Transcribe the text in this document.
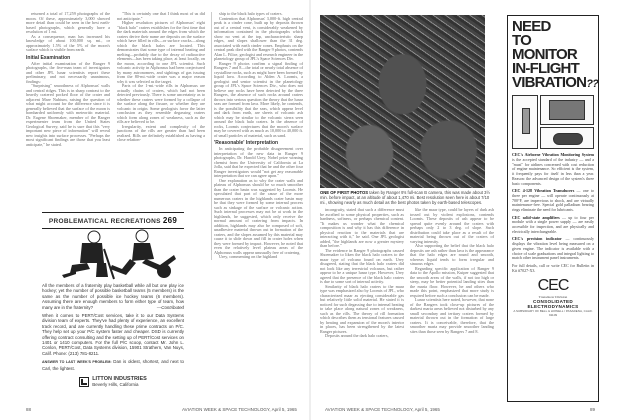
returned a total of 17,259 photographs of the moon. Of these, approximately 3,000 showed more detail than could be seen in the best earth-based photographs, which generally have a resolution of 1 mi.

As a consequence, man has increased his knowledge of about 100,000 sq. mi., or approximately 1.5% of the 5% of the moon's surface which is visible from earth.

Initial Examination

After initial examination of the Ranger 9 photographs, the five-man team of investigators and other JPL lunar scientists report these preliminary, and not necessarily unanimous, findings:

"Surprising" smoothness of Alphonsus' walls and central ridges. This is in sharp contrast to the heavily cratered pocked floor of the crater and adjacent Mare Nubium, raising the question of what might account for the difference since it is generally believed that the surface of the moon is bombarded uniformly with meteoritic material. Dr. Eugene Shoemaker, member of the Ranger experimenter team from the United States Geological Survey, said he is sure that this "very important new piece of information" will reveal new insights into surface processes. "Perhaps the most significant findings are those that you least anticipate," he stated.

"This is certainly one that I think most of us did not anticipate."

Higher resolution pictures of Alphonsus' eight "black halo" craters establishes for the first time that the dark materials around the edges from which the craters derive their name are deposits on the surface which have filled in rills—or surface cracks—along which the black halos are located. This demonstrates that some type of internal heating and melting—probably due to the decay of radioactive elements—has been taking place, at least locally, on the moon, according to one JPL scientist. Such volcanic activity in Alphonsus had been conjectured by many astronomers, and sightings of gas issuing from the 80-mi.-wide crater was a major reason why it was selected as the target.

Parts of the 1-mi.-wide rills in Alphonsus are actually chains of craters, which had not been detected previously. There is some uncertainty as to whether these craters were formed by a collapse of the surface along the fissure, or whether they are volcanic in origin. Some geologists favor the latter conclusion as they resemble degassing craters which form along zones of weakness, such as the rills are believed to be.

Irregularity, extent and complexity of the junctions of the rills are greater than had been realized. Rills are definitely established as having a close relation-

ship to the black halo types of craters.

Contention that Alphonsus' 3,000-ft. high central peak is a cinder cone, built up by deposits thrown out of a central vent, is considerably weakened by information contained in the photographs which show no vent at the top, uncharacteristic sharp edges, and slopes shallower than the 31 deg. associated with earth cinder cones. Emphasis on the central peak died with the Ranger 9 photos, contends Alan L. Filice, geologist and research engineer in the planetology group of JPL's Space Sciences Div.

Ranger 9 photos confirm a signal finding of Rangers 7 and 8—the total or nearly total absence of crystalline rocks, such as might have been formed by liquid lava. According to Alden A. Loomis, a geologist and senior scientist in the planetology group of JPL's Space Sciences Div., who does not believe any rocks have been detected by the three Rangers, the absence of such rocks around craters throws into serious question the theory that the lunar seas are formed from lava. More likely, he contends, is the possibility that the seas, which appear level and dark from earth, are sheets of volcanic ash which may be similar to the volcanic sierra seen around the black halo craters. In the absence of rocks, Loomis conjectures that the moon's surface may be covered with as much as 10,000 to 40,000 ft. of small particles of material, such as sand.

'Reasonable' Interpretation

In anticipating the probable disagreement over interpretation of the new data in Ranger 9 photographs, Dr. Harold Urey, Nobel prize winning chemist from the University of California at La Jolla, said that he expected that he and the other four Ranger investigators would "not get any reasonable interpretation that we can agree upon."

One explanation as to why the crater walls and plateau of Alphonsus should be so much smoother than the crater basin was suggested by Loomis. He speculated that part of the cause of the more numerous craters in the highlands crater basin may be that they were formed by some internal process such as sinkage of the surface or volcanic action. Such internal processes may not be at work in the highlands, he suggested, which only receive the normal amount of cratering from impacts. In addition, highlands may also be composed of soft, unadhesive material thrown out in formation of the craters, and the slopes assumed by this material may cause it to slide down and fill in crater holes when they were formed by impact. However, he noted that even the relatively level plateau areas of the Alphonsus walls appear unusually free of cratering.

Urey, commenting on the highland

PROBLEMATICAL RECREATIONS 269
All the members of a fraternity play basketball while all but one play ice hockey; yet the number of possible basketball teams (5 members) is the same as the number of possible ice hockey teams (6 members). Assuming there are enough members to form either type of team, how many are in the fraternity?	—Contributed
When it comes to PERT/Cost services, take it to our Data Systems division team of experts. They've had plenty of experience, an excellent track record, and are currently handling these prime contracts on P/C. They help set up your P/C system faster and cheaper. DSD is currently offering contract consulting and the setting up of PERT/Cost services on 1401 or 1410 computers. For the full P/C scoop, contact Mr. John L. Conlon, PERT/Cost, Data Systems division, 15901 Strathern, Van Nuys, Calif. Phone: (213) 781-8211.
ANSWER TO LAST WEEK'S PROBLEM: Dan is oldest, shortest, and next to Carl, the lightest.
LITTON INDUSTRIES
Beverly Hills, California
88	AVIATION WEEK & SPACE TECHNOLOGY, April 5, 1965
ONE OF FIRST PHOTOS taken by Ranger 9's full-scan B camera, this was made about 3½ min. before impact, at an altitude of about 1,470 mi. Best resolution seen here is about 7/10 mi., showing nearly as much detail as the best photos taken by earth-based telescopes.

incongruity, stated that such a difference must be ascribed to some physical properties, such as hardness, softness, or perhaps chemical content. "It makes us wonder what the chemical composition is and why it has this difference in physical reaction to the materials that are interacting with it," he said. One JPL geologist added, "the highlands are now a greater mystery than before."

The evidence in Ranger 9 photographs caused Shoemaker to liken the black halo craters to the maar type of volcano found on earth. Urey disagreed, stating that the black halo craters did not look like any terrestrial volcanos, but rather appear to be a unique lunar type. However, Urey agreed that the presence of the black halo craters is due to some sort of internal activity.

Similarity of black halo craters to the maar type was emphasized also by Loomis of JPL, who characterized maar as ejecting considerable gas but relatively little solid material. He stated it is noticed for such degassing due to internal heating to take place along natural zones of weakness, such as the rills. The theory of rill formation which describes them as tensional features caused by heating and expansion of the moon's interior in places, has been strengthened by the latest Ranger pictures.

Deposits around the dark halo craters,

like the maar type, could be layers of dark ash tossed out by violent explosions, contends Loomis. These deposits of ash appear to be spread quite evenly around the craters with perhaps only 2 to 3 deg. of slope. Such distribution could take place as a result of the material being thrown out of the craters of varying intensity.

Also supporting the belief that the black halo deposits are ash rather than lava is the appearance that the halo edges are round and smooth, whereas liquid tends to form irregular and sinuous edges.

Regarding specific application of Ranger 9 data to the Apollo mission, Kuiper suggested that the smooth areas of the walls, if not too high or steep, may be better potential landing sites than the maria floor. However, he and others who made this point, emphasized that more study is required before such a conclusion can be made.

Lunar scientists here noted, however, that none of the Rangers took close-up pictures of the darkest maria areas believed not disturbed by any small secondary and tertiary craters formed by material thrown out in the formation of large craters. It is conceivable, therefore, that the smoother maria may provide smoother landing sites than those seen by Rangers 7 and 8.

NEED
TO MONITOR
IN-FLIGHT
VIBRATION??

CEC's Airborne Vibration Monitoring System is the accepted standard of the industry — and a "must" for airlines concerned with cost reduction of engine maintenance. So efficient is the system, it frequently pays for itself in less than a year. Reason: the advanced design of the system's three basic components.

CEC 4-128 Vibration Transducers — one to three per engine — will operate continuously at 700°F, are impervious to shock, and are virtually maintenance-free. Special gold palladium bearing rings eliminate the need for lubricants.

CEC solid-state amplifiers — up to four per module with a single power supply — are easily accessible for inspection, and are physically and electrically interchangeable.

CEC's precision indicator — continuously displays the vibration level being measured on a given engine. The indicator is available with a choice of scale graduations and integral lighting to match other instrument panel instruments.

For full details, call or write CEC for Bulletin in Kit #7027-X3.

CEC
Transducer Division
CONSOLIDATED ELECTRODYNAMICS
A SUBSIDIARY OF BELL & HOWELL / PASADENA, CALIF. 91109
AVIATION WEEK & SPACE TECHNOLOGY, April 5, 1965	89
